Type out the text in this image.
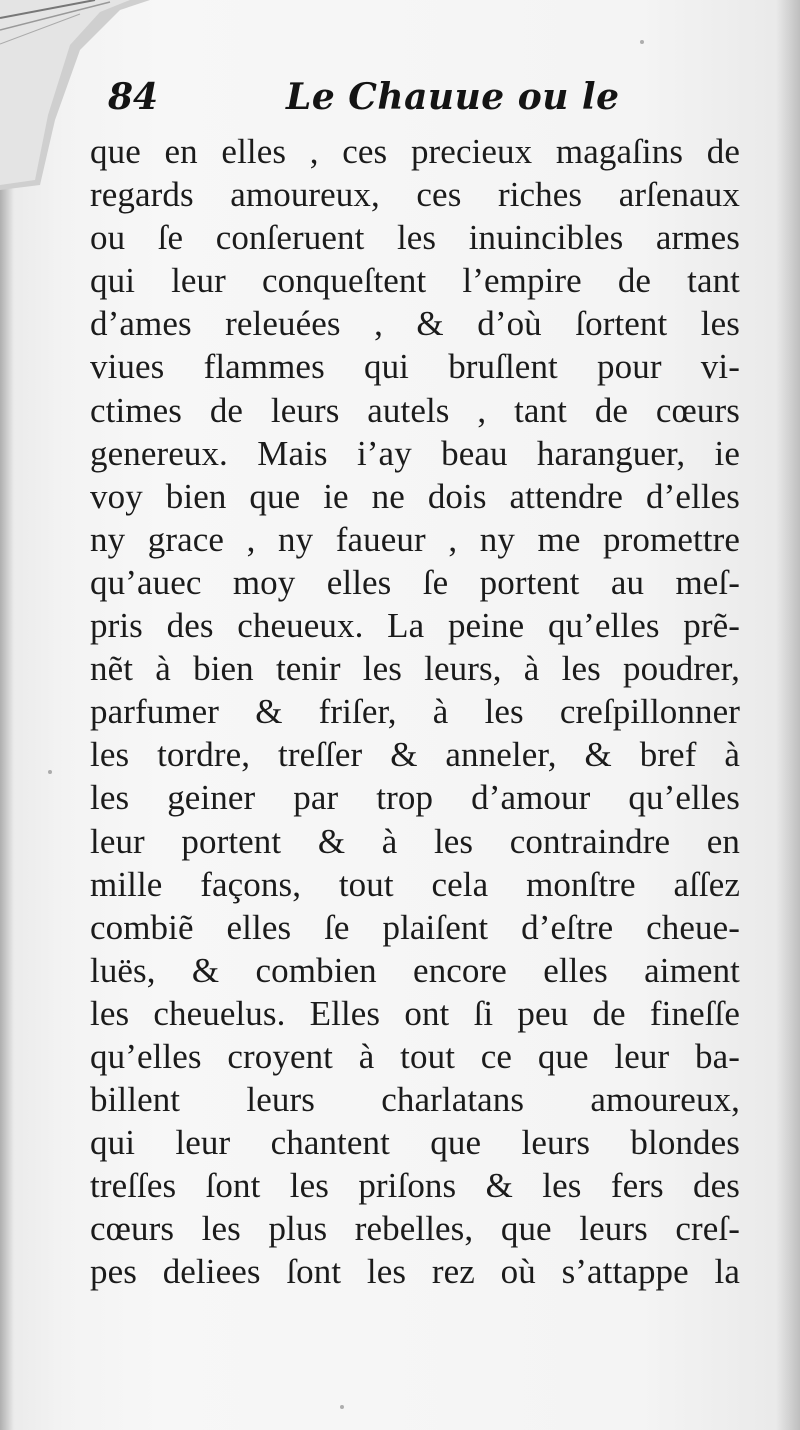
84	Le Chauue ou le
que en elles , ces precieux magaſins de
regards amoureux, ces riches arſenaux
ou ſe conſeruent les inuincibles armes
qui leur conqueſtent l’empire de tant
d’ames releuées , & d’où ſortent les
viues flammes qui bruſlent pour vi-
ctimes de leurs autels , tant de cœurs
genereux. Mais i’ay beau haranguer, ie
voy bien que ie ne dois attendre d’elles
ny grace , ny faueur , ny me promettre
qu’auec moy elles ſe portent au meſ-
pris des cheueux. La peine qu’elles prẽ-
nẽt à bien tenir les leurs, à les poudrer,
parfumer & friſer, à les creſpillonner
les tordre, treſſer & anneler, & bref à
les geiner par trop d’amour qu’elles
leur portent & à les contraindre en
mille façons, tout cela monſtre aſſez
combiẽ elles ſe plaiſent d’eſtre cheue-
luës, & combien encore elles aiment
les cheuelus. Elles ont ſi peu de fineſſe
qu’elles croyent à tout ce que leur ba-
billent leurs charlatans amoureux,
qui leur chantent que leurs blondes
treſſes ſont les priſons & les fers des
cœurs les plus rebelles, que leurs creſ-
pes deliees ſont les rez où s’attappe la
